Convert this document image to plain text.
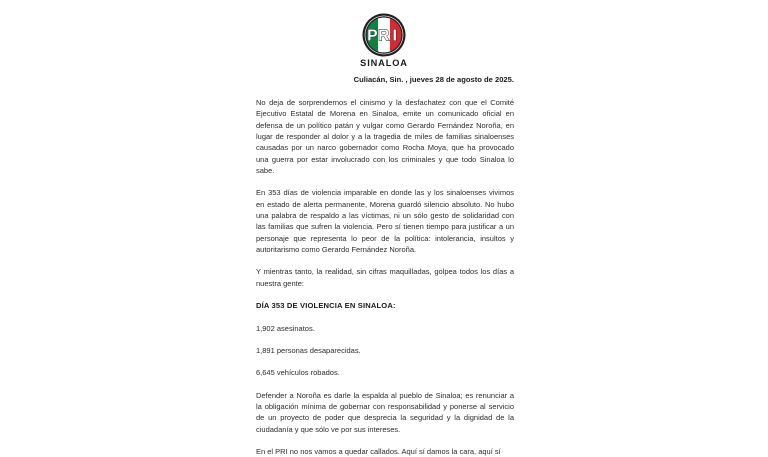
P R I
SINALOA
Culiacán, Sin. , jueves 28 de agosto de 2025.

No deja de sorprendernos el cinismo y la desfachatez con que el Comité Ejecutivo Estatal de Morena en Sinaloa, emite un comunicado oficial en defensa de un político patán y vulgar como Gerardo Fernández Noroña, en lugar de responder al dolor y a la tragedia de miles de familias sinaloenses causadas por un narco gobernador como Rocha Moya, que ha provocado una guerra por estar involucrado con los criminales y que todo Sinaloa lo sabe.

En 353 días de violencia imparable en donde las y los sinaloenses vivimos en estado de alerta permanente, Morena guardó silencio absoluto. No hubo una palabra de respaldo a las víctimas, ni un sólo gesto de solidaridad con las familias que sufren la violencia. Pero sí tienen tiempo para justificar a un personaje que representa lo peor de la política: intolerancia, insultos y autoritarismo como Gerardo Fernández Noroña.

Y mientras tanto, la realidad, sin cifras maquilladas, golpea todos los días a nuestra gente:

DÍA 353 DE VIOLENCIA EN SINALOA:
1,902 asesinatos.
1,891 personas desaparecidas.
6,645 vehículos robados.

Defender a Noroña es darle la espalda al pueblo de Sinaloa; es renunciar a la obligación mínima de gobernar con responsabilidad y ponerse al servicio de un proyecto de poder que desprecia la seguridad y la dignidad de la ciudadanía y que sólo ve por sus intereses.

En el PRI no nos vamos a quedar callados. Aquí sí damos la cara, aquí sí
